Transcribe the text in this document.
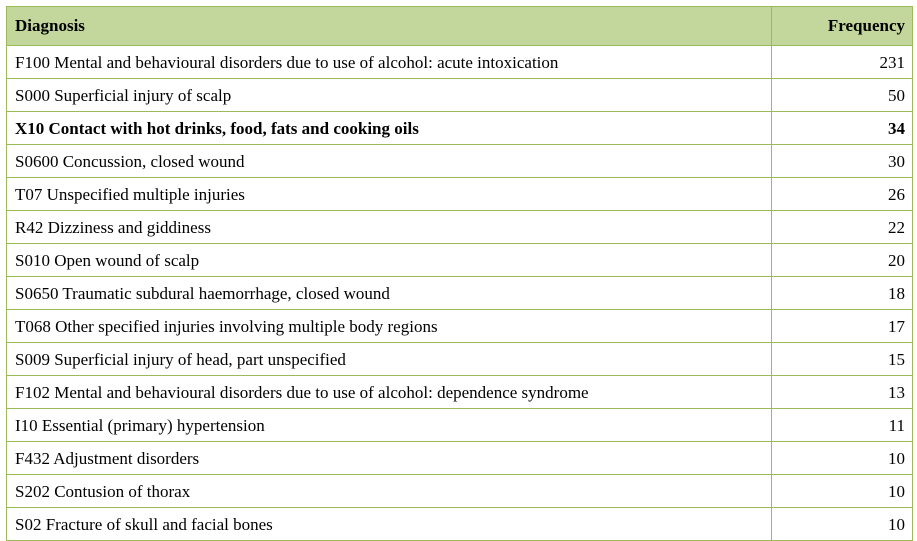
Diagnosis	Frequency
F100 Mental and behavioural disorders due to use of alcohol: acute intoxication	231
S000 Superficial injury of scalp	50
X10 Contact with hot drinks, food, fats and cooking oils	34
S0600 Concussion, closed wound	30
T07 Unspecified multiple injuries	26
R42 Dizziness and giddiness	22
S010 Open wound of scalp	20
S0650 Traumatic subdural haemorrhage, closed wound	18
T068 Other specified injuries involving multiple body regions	17
S009 Superficial injury of head, part unspecified	15
F102 Mental and behavioural disorders due to use of alcohol: dependence syndrome	13
I10 Essential (primary) hypertension	11
F432 Adjustment disorders	10
S202 Contusion of thorax	10
S02 Fracture of skull and facial bones	10
